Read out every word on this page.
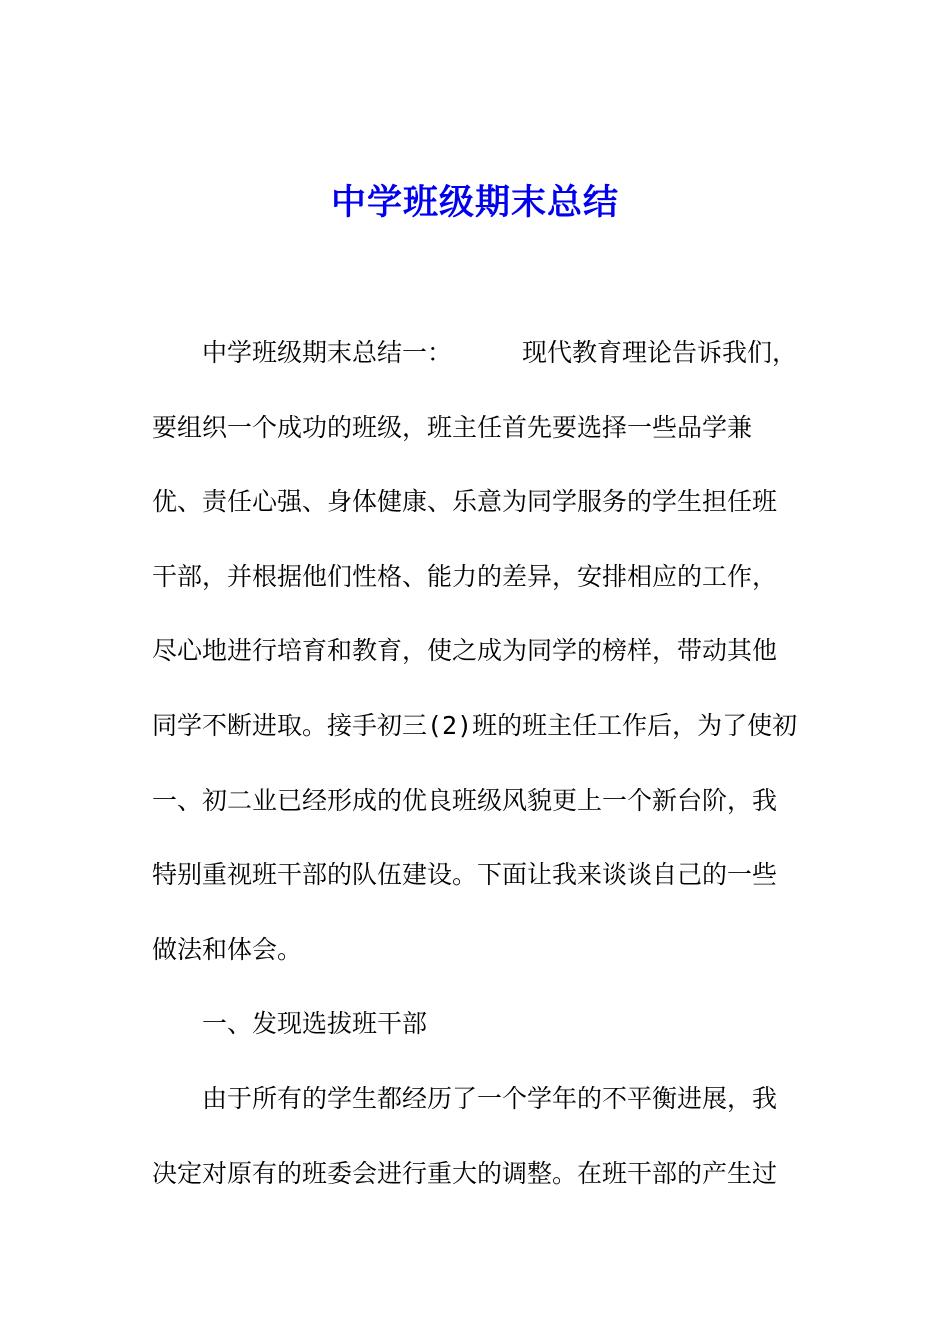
中学班级期末总结
中学班级期末总结一：	现代教育理论告诉我们，
要组织一个成功的班级，班主任首先要选择一些品学兼
优、责任心强、身体健康、乐意为同学服务的学生担任班
干部，并根据他们性格、能力的差异，安排相应的工作，
尽心地进行培育和教育，使之成为同学的榜样，带动其他
同学不断进取。接手初三(2)班的班主任工作后，为了使初
一、初二业已经形成的优良班级风貌更上一个新台阶，我
特别重视班干部的队伍建设。下面让我来谈谈自己的一些
做法和体会。
一、发现选拔班干部
由于所有的学生都经历了一个学年的不平衡进展，我
决定对原有的班委会进行重大的调整。在班干部的产生过
